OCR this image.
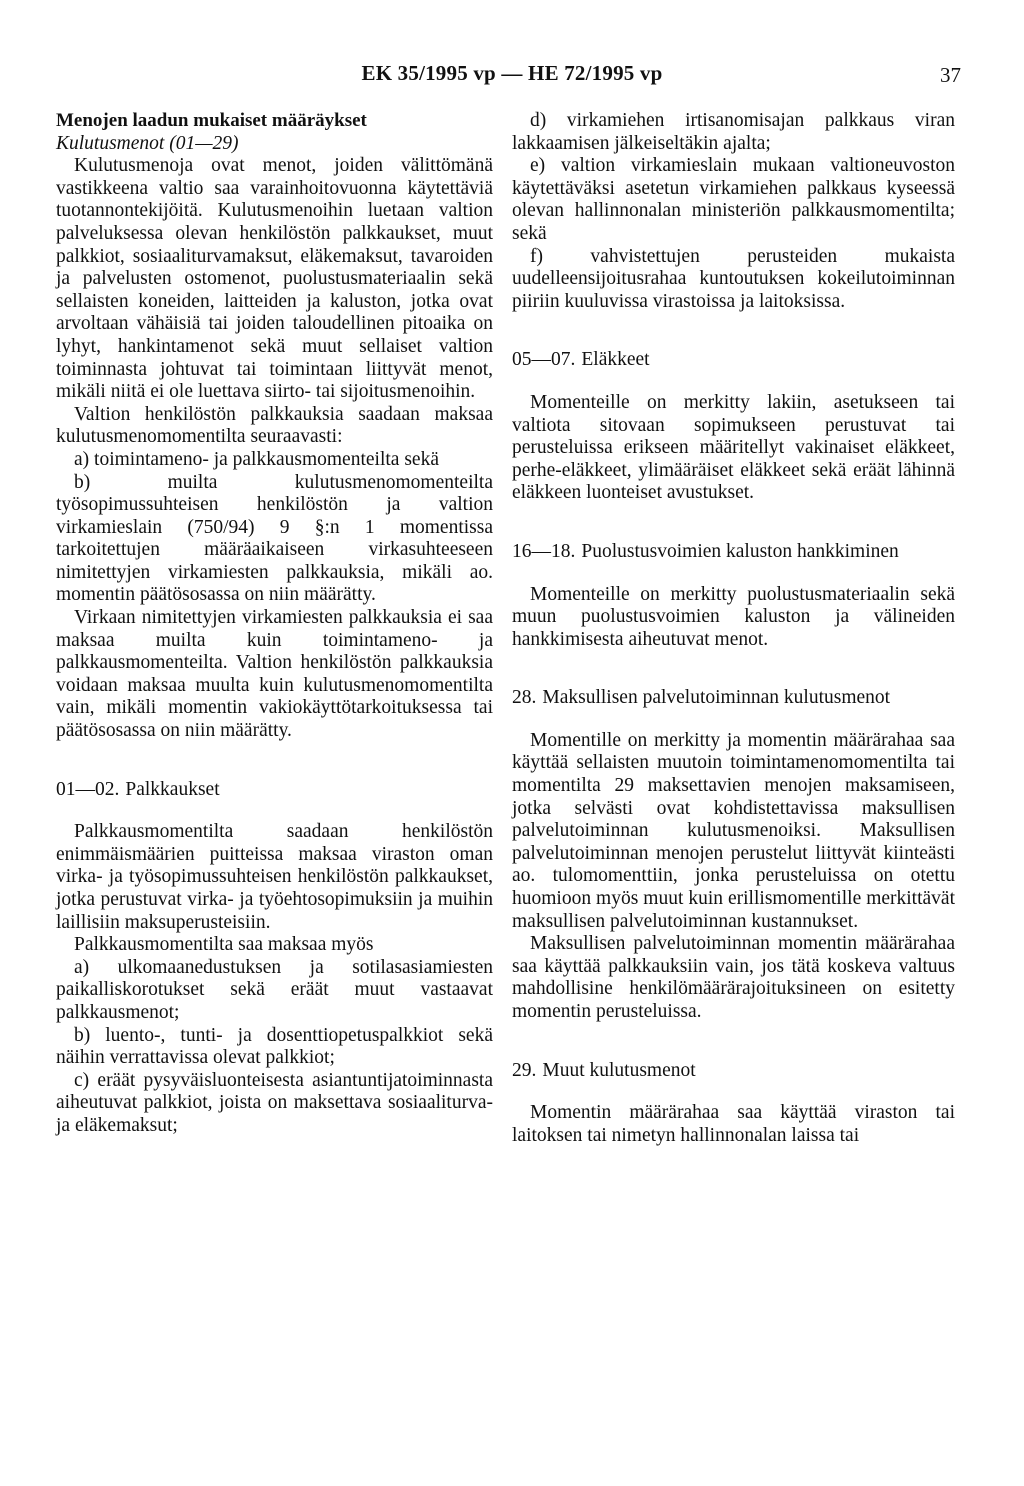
EK 35/1995 vp — HE 72/1995 vp	37

Menojen laadun mukaiset määräykset

Kulutusmenot (01—29)

Kulutusmenoja ovat menot, joiden välittömänä vastikkeena valtio saa varainhoitovuonna käytettäviä tuotannontekijöitä. Kulutusmenoihin luetaan valtion palveluksessa olevan henkilöstön palkkaukset, muut palkkiot, sosiaaliturvamaksut, eläkemaksut, tavaroiden ja palvelusten ostomenot, puolustusmateriaalin sekä sellaisten koneiden, laitteiden ja kaluston, jotka ovat arvoltaan vähäisiä tai joiden taloudellinen pitoaika on lyhyt, hankintamenot sekä muut sellaiset valtion toiminnasta johtuvat tai toimintaan liittyvät menot, mikäli niitä ei ole luettava siirto- tai sijoitusmenoihin.

Valtion henkilöstön palkkauksia saadaan maksaa kulutusmenomomentilta seuraavasti:

a) toimintameno- ja palkkausmomenteilta sekä

b) muilta kulutusmenomomenteilta työsopimussuhteisen henkilöstön ja valtion virkamieslain (750/94) 9 §:n 1 momentissa tarkoitettujen määräaikaiseen virkasuhteeseen nimitettyjen virkamiesten palkkauksia, mikäli ao. momentin päätösosassa on niin määrätty.

Virkaan nimitettyjen virkamiesten palkkauksia ei saa maksaa muilta kuin toimintameno- ja palkkausmomenteilta. Valtion henkilöstön palkkauksia voidaan maksaa muulta kuin kulutusmenomomentilta vain, mikäli momentin vakiokäyttötarkoituksessa tai päätösosassa on niin määrätty.

01—02. Palkkaukset

Palkkausmomentilta saadaan henkilöstön enimmäismäärien puitteissa maksaa viraston oman virka- ja työsopimussuhteisen henkilöstön palkkaukset, jotka perustuvat virka- ja työehtosopimuksiin ja muihin laillisiin maksuperusteisiin.

Palkkausmomentilta saa maksaa myös

a) ulkomaanedustuksen ja sotilasasiamiesten paikalliskorotukset sekä eräät muut vastaavat palkkausmenot;

b) luento-, tunti- ja dosenttiopetuspalkkiot sekä näihin verrattavissa olevat palkkiot;

c) eräät pysyväisluonteisesta asiantuntijatoiminnasta aiheutuvat palkkiot, joista on maksettava sosiaaliturva- ja eläkemaksut;

d) virkamiehen irtisanomisajan palkkaus viran lakkaamisen jälkeiseltäkin ajalta;

e) valtion virkamieslain mukaan valtioneuvoston käytettäväksi asetetun virkamiehen palkkaus kyseessä olevan hallinnonalan ministeriön palkkausmomentilta; sekä

f) vahvistettujen perusteiden mukaista uudelleensijoitusrahaa kuntoutuksen kokeilutoiminnan piiriin kuuluvissa virastoissa ja laitoksissa.

05—07. Eläkkeet

Momenteille on merkitty lakiin, asetukseen tai valtiota sitovaan sopimukseen perustuvat tai perusteluissa erikseen määritellyt vakinaiset eläkkeet, perhe-eläkkeet, ylimääräiset eläkkeet sekä eräät lähinnä eläkkeen luonteiset avustukset.

16—18. Puolustusvoimien kaluston hankkiminen

Momenteille on merkitty puolustusmateriaalin sekä muun puolustusvoimien kaluston ja välineiden hankkimisesta aiheutuvat menot.

28. Maksullisen palvelutoiminnan kulutusmenot

Momentille on merkitty ja momentin määrärahaa saa käyttää sellaisten muutoin toimintamenomomentilta tai momentilta 29 maksettavien menojen maksamiseen, jotka selvästi ovat kohdistettavissa maksullisen palvelutoiminnan kulutusmenoiksi. Maksullisen palvelutoiminnan menojen perustelut liittyvät kiinteästi ao. tulomomenttiin, jonka perusteluissa on otettu huomioon myös muut kuin erillismomentille merkittävät maksullisen palvelutoiminnan kustannukset.

Maksullisen palvelutoiminnan momentin määrärahaa saa käyttää palkkauksiin vain, jos tätä koskeva valtuus mahdollisine henkilömäärärajoituksineen on esitetty momentin perusteluissa.

29. Muut kulutusmenot

Momentin määrärahaa saa käyttää viraston tai laitoksen tai nimetyn hallinnonalan laissa tai
